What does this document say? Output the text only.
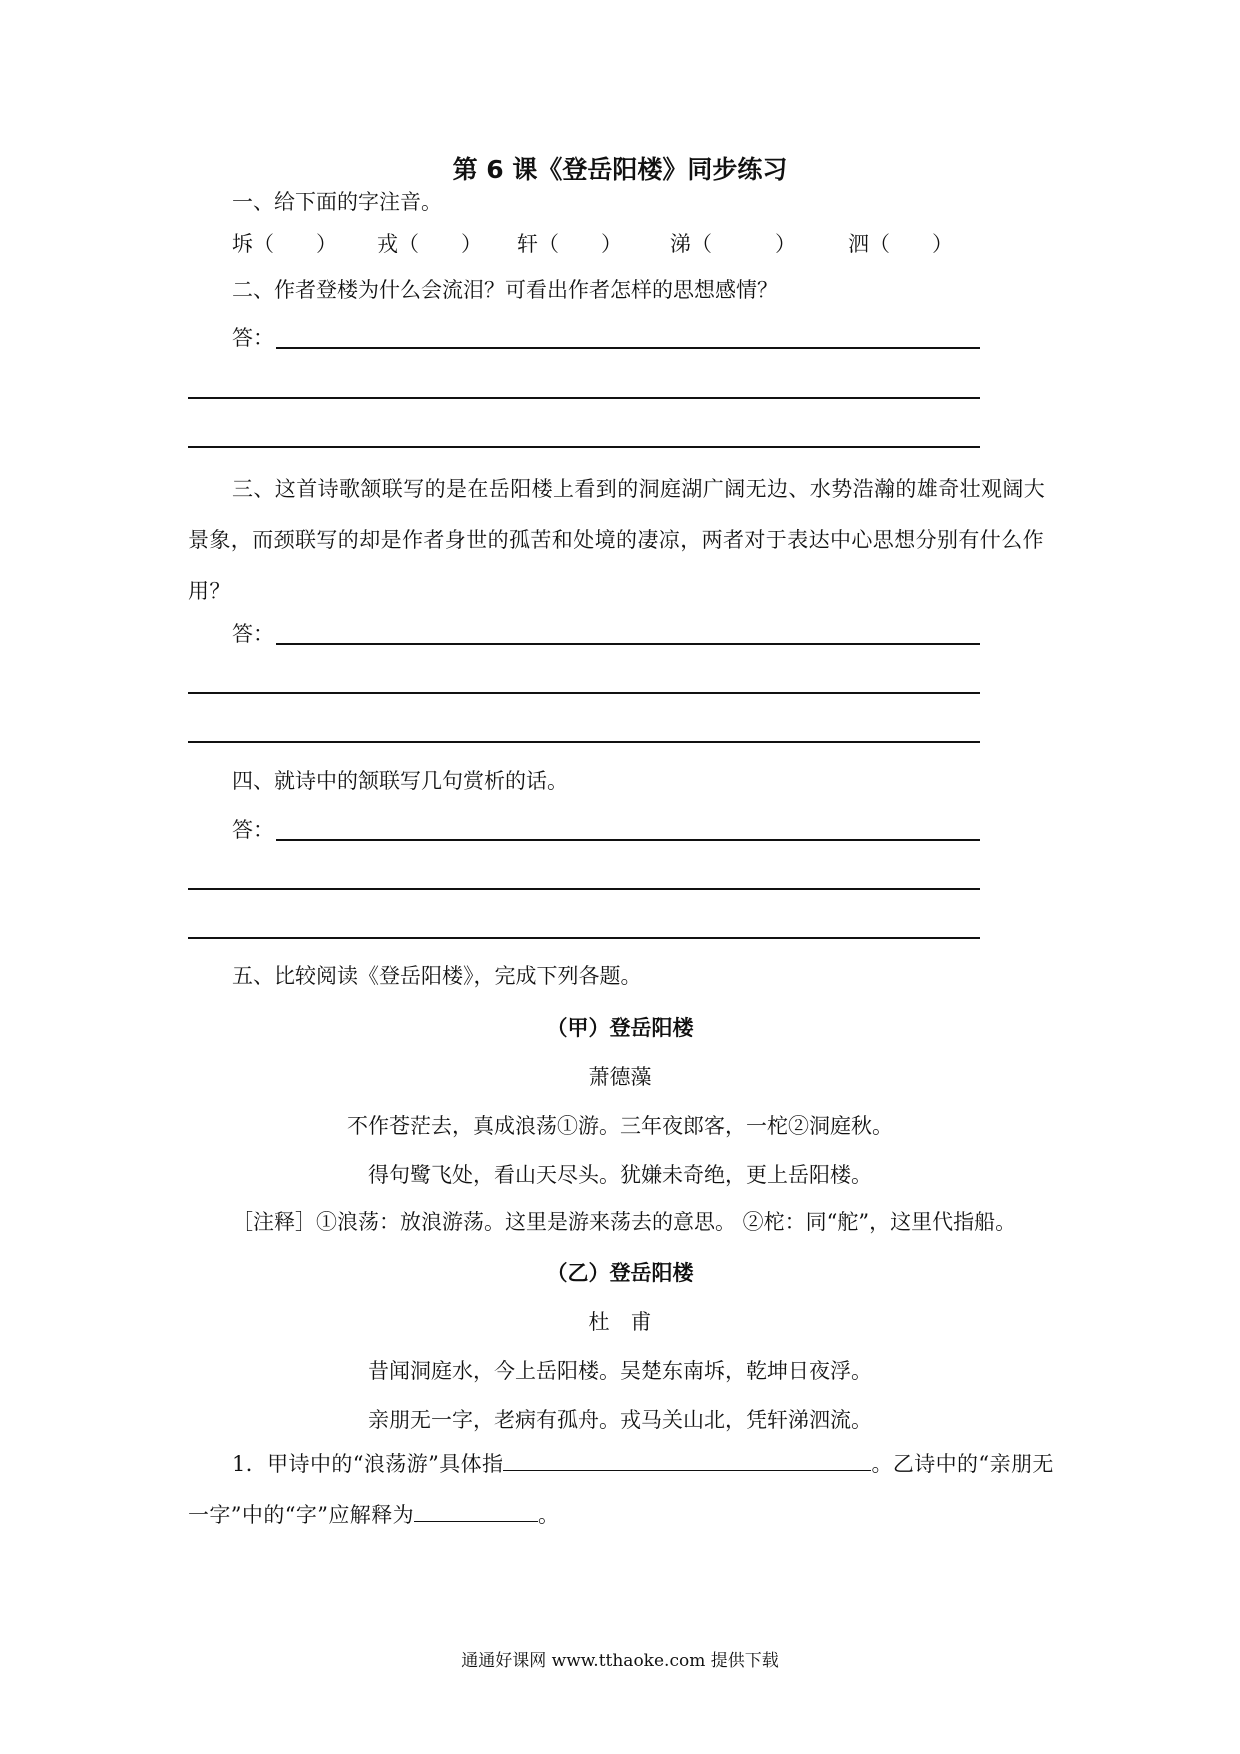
第 6 课《登岳阳楼》同步练习
一、给下面的字注音。
坼（　　） 戎（　　） 轩（　　） 涕（　　　） 泗（　　）
二、作者登楼为什么会流泪？可看出作者怎样的思想感情？
答：
三、这首诗歌颔联写的是在岳阳楼上看到的洞庭湖广阔无边、水势浩瀚的雄奇壮观阔大景象，而颈联写的却是作者身世的孤苦和处境的凄凉，两者对于表达中心思想分别有什么作用？
答：
四、就诗中的颔联写几句赏析的话。
答：
五、比较阅读《登岳阳楼》，完成下列各题。
（甲）登岳阳楼
萧德藻
不作苍茫去，真成浪荡①游。三年夜郎客，一柁②洞庭秋。
得句鹭飞处，看山天尽头。犹嫌未奇绝，更上岳阳楼。
［注释］①浪荡：放浪游荡。这里是游来荡去的意思。 ②柁：同“舵”，这里代指船。
（乙）登岳阳楼
杜　甫
昔闻洞庭水，今上岳阳楼。吴楚东南坼，乾坤日夜浮。
亲朋无一字，老病有孤舟。戎马关山北，凭轩涕泗流。
1．甲诗中的“浪荡游”具体指	。乙诗中的“亲朋无一字”中的“字”应解释为	。
通通好课网 www.tthaoke.com 提供下载
